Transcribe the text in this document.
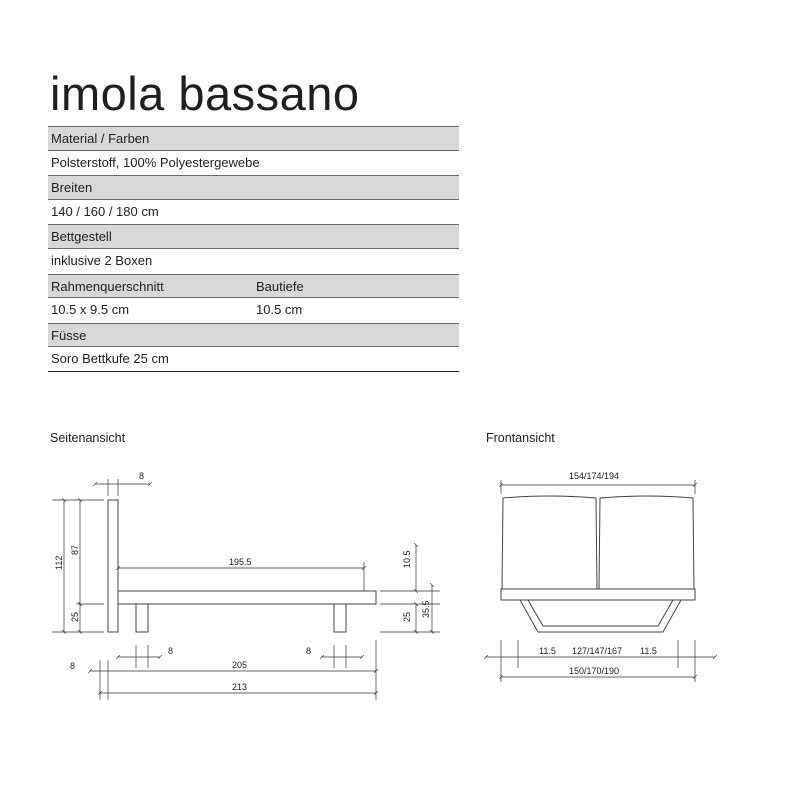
imola bassano
Material / Farben
Polsterstoff, 100% Polyestergewebe
Breiten
140 / 160 / 180 cm
Bettgestell
inklusive 2 Boxen
Rahmenquerschnitt	Bautiefe
10.5 x 9.5 cm	10.5 cm
Füsse
Soro Bettkufe 25 cm
Seitenansicht	Frontansicht
8
112
87
25
195.5	10.5
25 35.5
8
8	8
205
213
154/174/194
11.5 127/147/167 11.5
150/170/190
